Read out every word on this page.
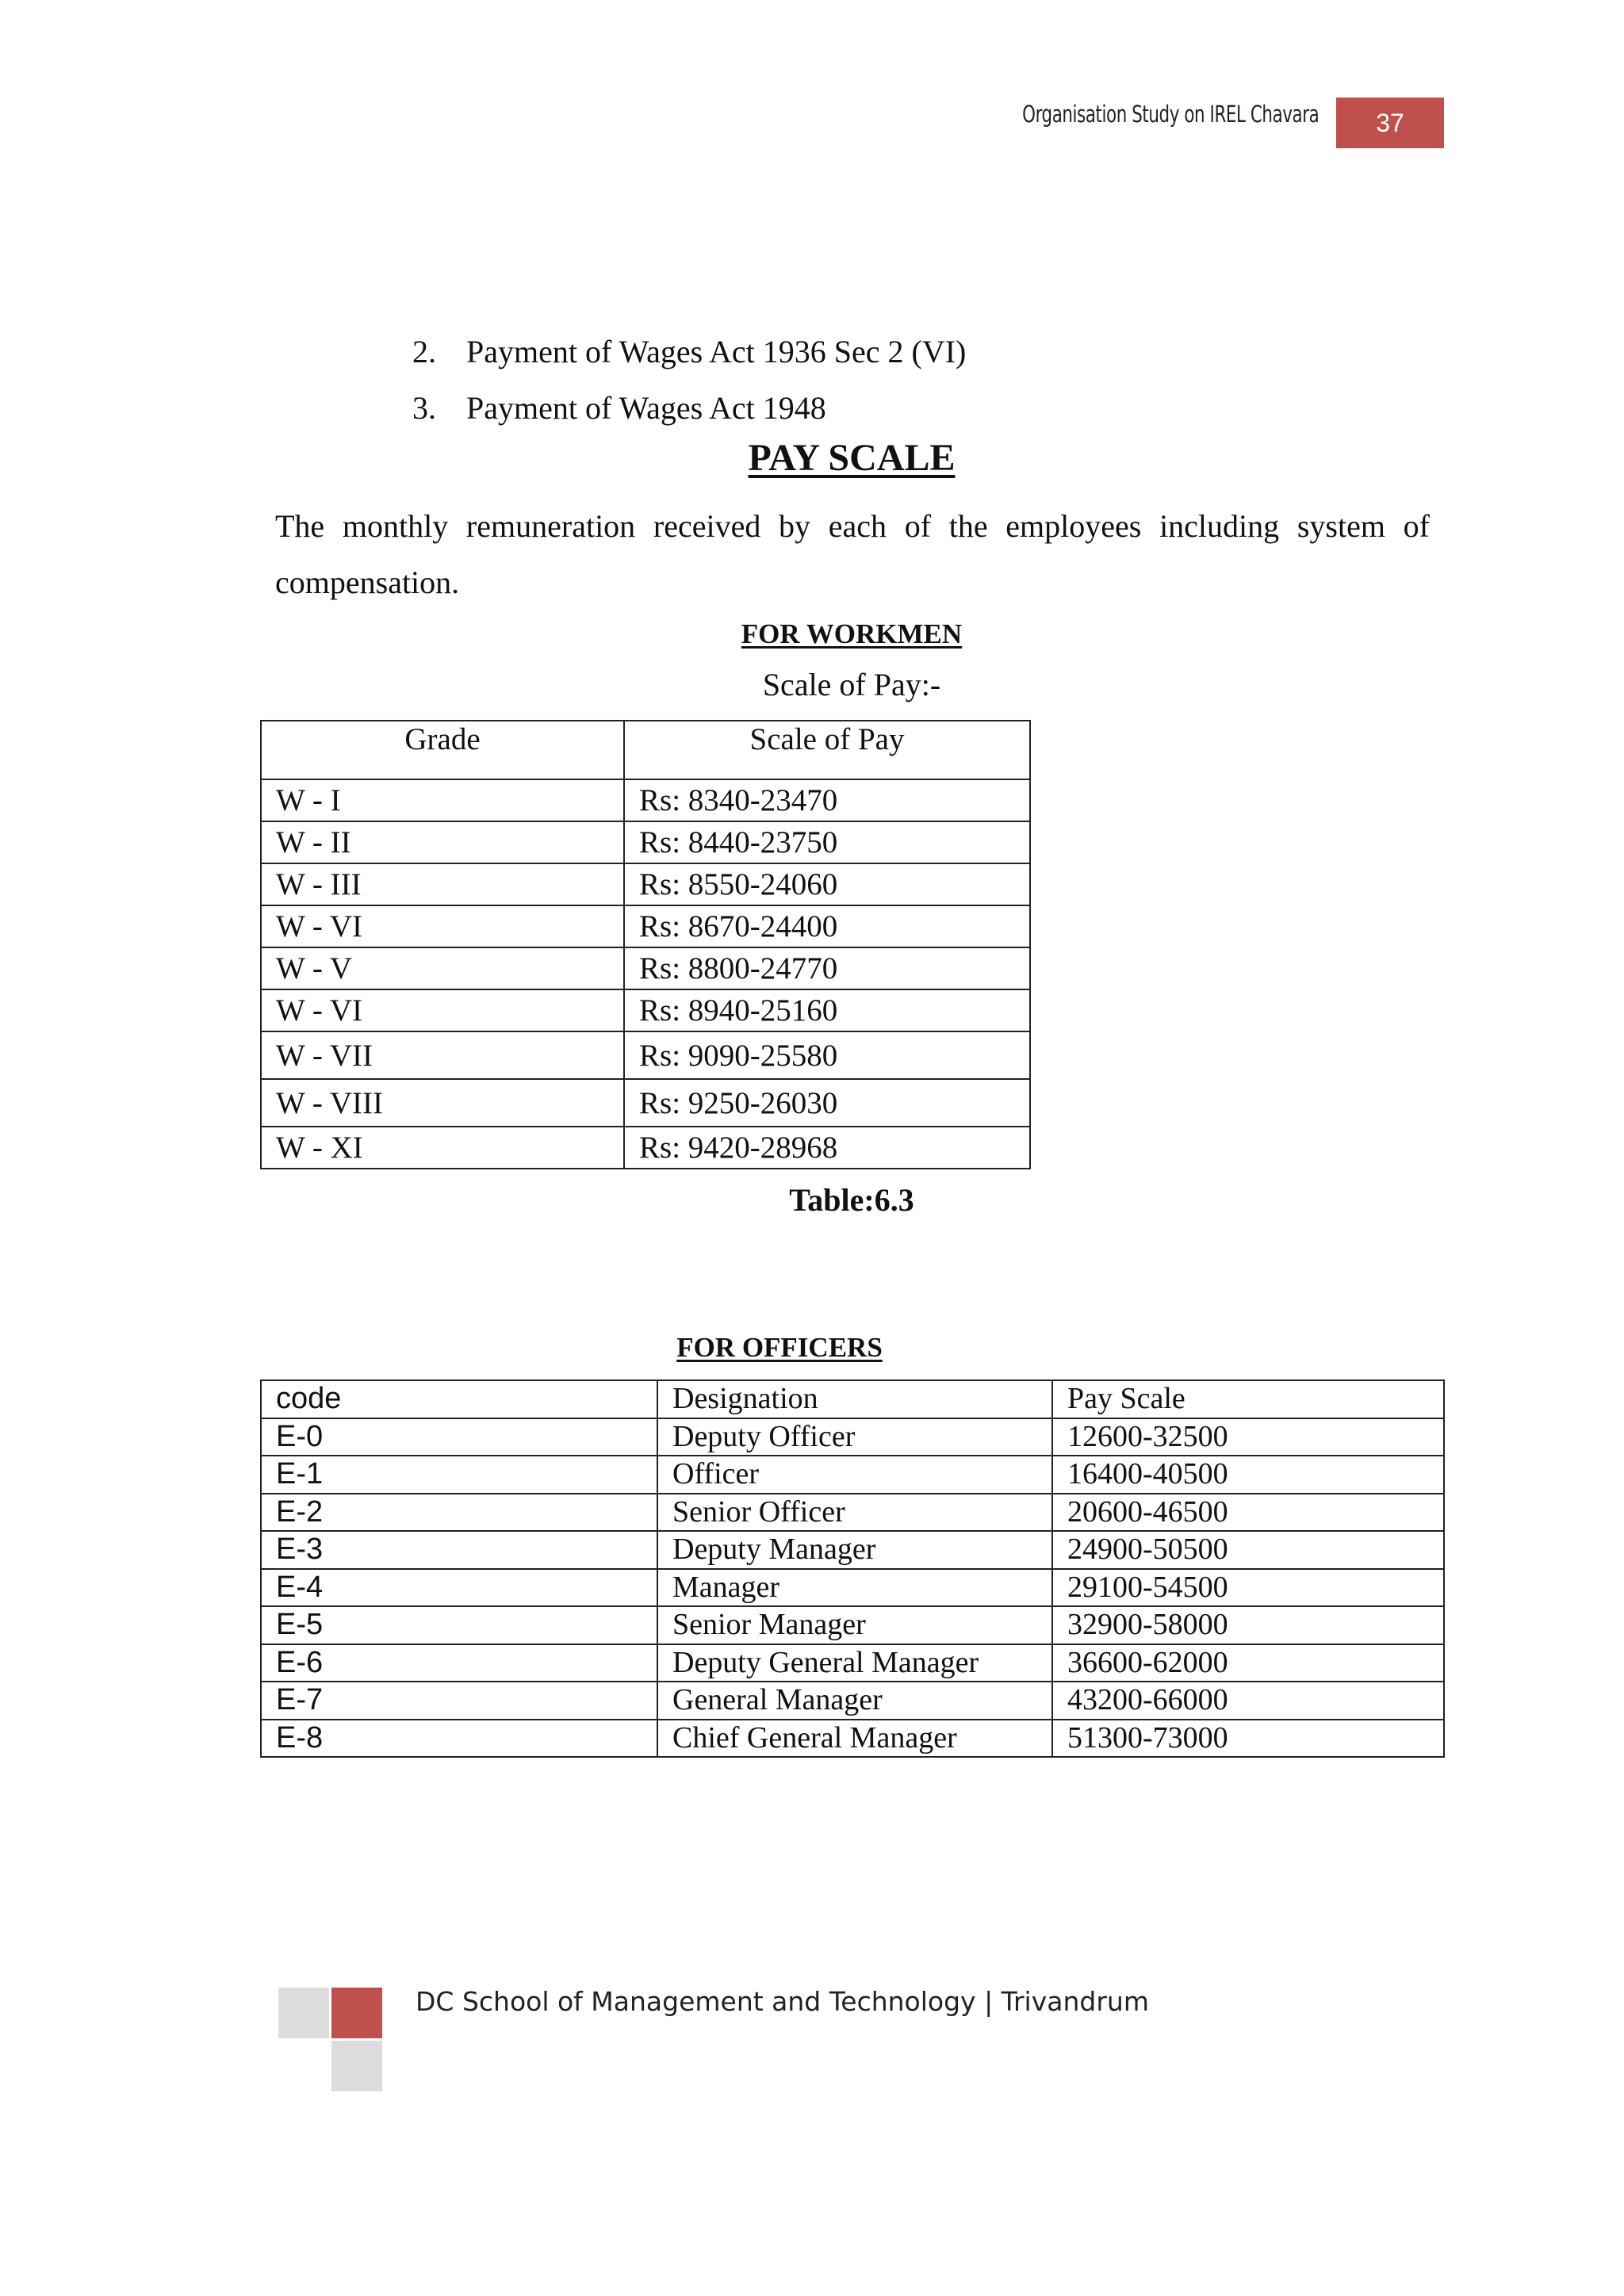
Organisation Study on IREL Chavara	37
2. Payment of Wages Act 1936 Sec 2 (VI)
3. Payment of Wages Act 1948
PAY SCALE
The monthly remuneration received by each of the employees including system of compensation.
FOR WORKMEN
Scale of Pay:-
Grade	Scale of Pay
W - I	Rs: 8340-23470
W - II	Rs: 8440-23750
W - III	Rs: 8550-24060
W - VI	Rs: 8670-24400
W - V	Rs: 8800-24770
W - VI	Rs: 8940-25160
W - VII	Rs: 9090-25580
W - VIII	Rs: 9250-26030
W - XI	Rs: 9420-28968
Table:6.3
FOR OFFICERS
code	Designation	Pay Scale
E-0	Deputy Officer	12600-32500
E-1	Officer	16400-40500
E-2	Senior Officer	20600-46500
E-3	Deputy Manager	24900-50500
E-4	Manager	29100-54500
E-5	Senior Manager	32900-58000
E-6	Deputy General Manager	36600-62000
E-7	General Manager	43200-66000
E-8	Chief General Manager	51300-73000
DC School of Management and Technology | Trivandrum
